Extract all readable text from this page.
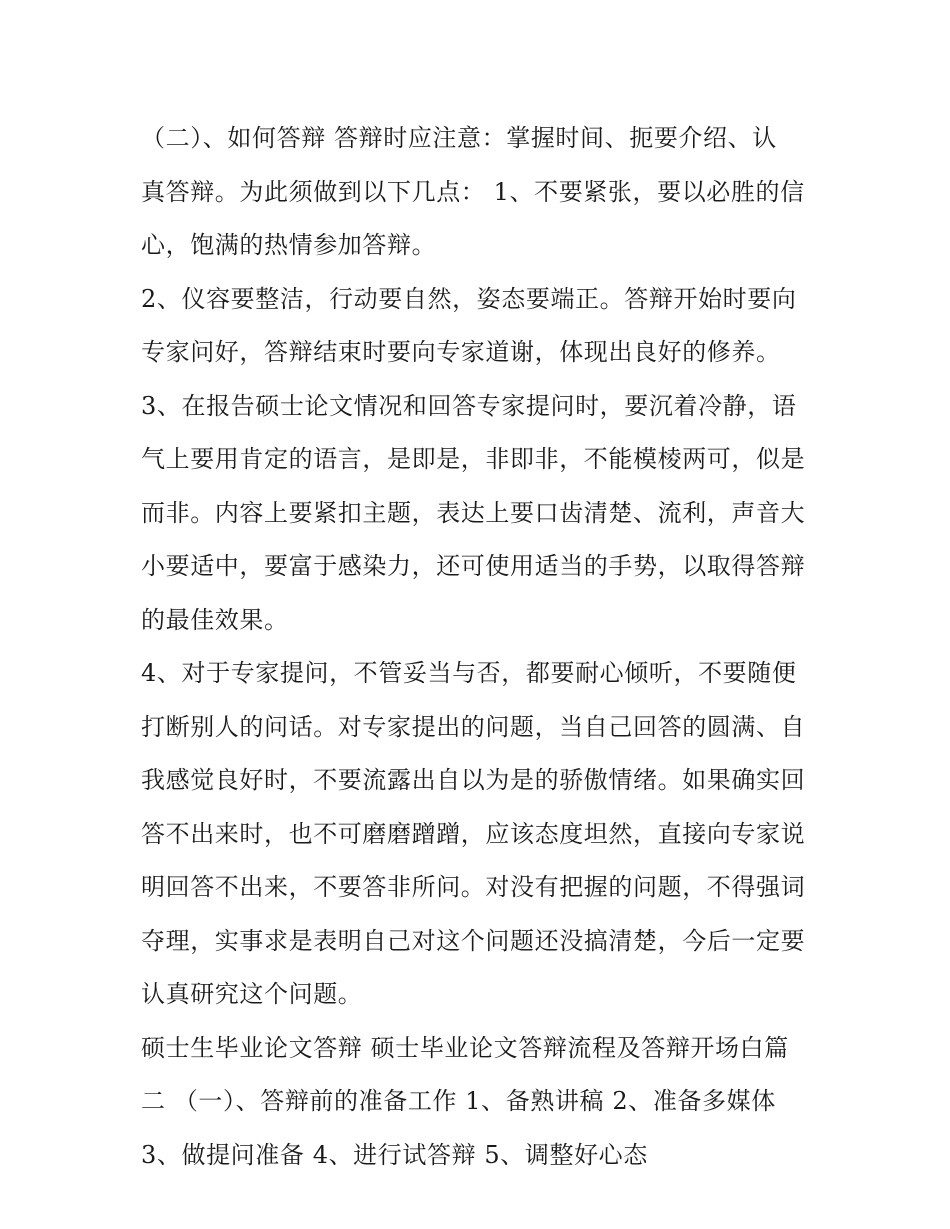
（二）、如何答辩 答辩时应注意：掌握时间、扼要介绍、认
真答辩。为此须做到以下几点： 1、不要紧张，要以必胜的信
心，饱满的热情参加答辩。
2、仪容要整洁，行动要自然，姿态要端正。答辩开始时要向
专家问好，答辩结束时要向专家道谢，体现出良好的修养。
3、在报告硕士论文情况和回答专家提问时，要沉着冷静，语
气上要用肯定的语言，是即是，非即非，不能模棱两可，似是
而非。内容上要紧扣主题，表达上要口齿清楚、流利，声音大
小要适中，要富于感染力，还可使用适当的手势，以取得答辩
的最佳效果。
4、对于专家提问，不管妥当与否，都要耐心倾听，不要随便
打断别人的问话。对专家提出的问题，当自己回答的圆满、自
我感觉良好时，不要流露出自以为是的骄傲情绪。如果确实回
答不出来时，也不可磨磨蹭蹭，应该态度坦然，直接向专家说
明回答不出来，不要答非所问。对没有把握的问题，不得强词
夺理，实事求是表明自己对这个问题还没搞清楚，今后一定要
认真研究这个问题。
硕士生毕业论文答辩 硕士毕业论文答辩流程及答辩开场白篇
二 （一）、答辩前的准备工作 1、备熟讲稿 2、准备多媒体
3、做提问准备 4、进行试答辩 5、调整好心态
